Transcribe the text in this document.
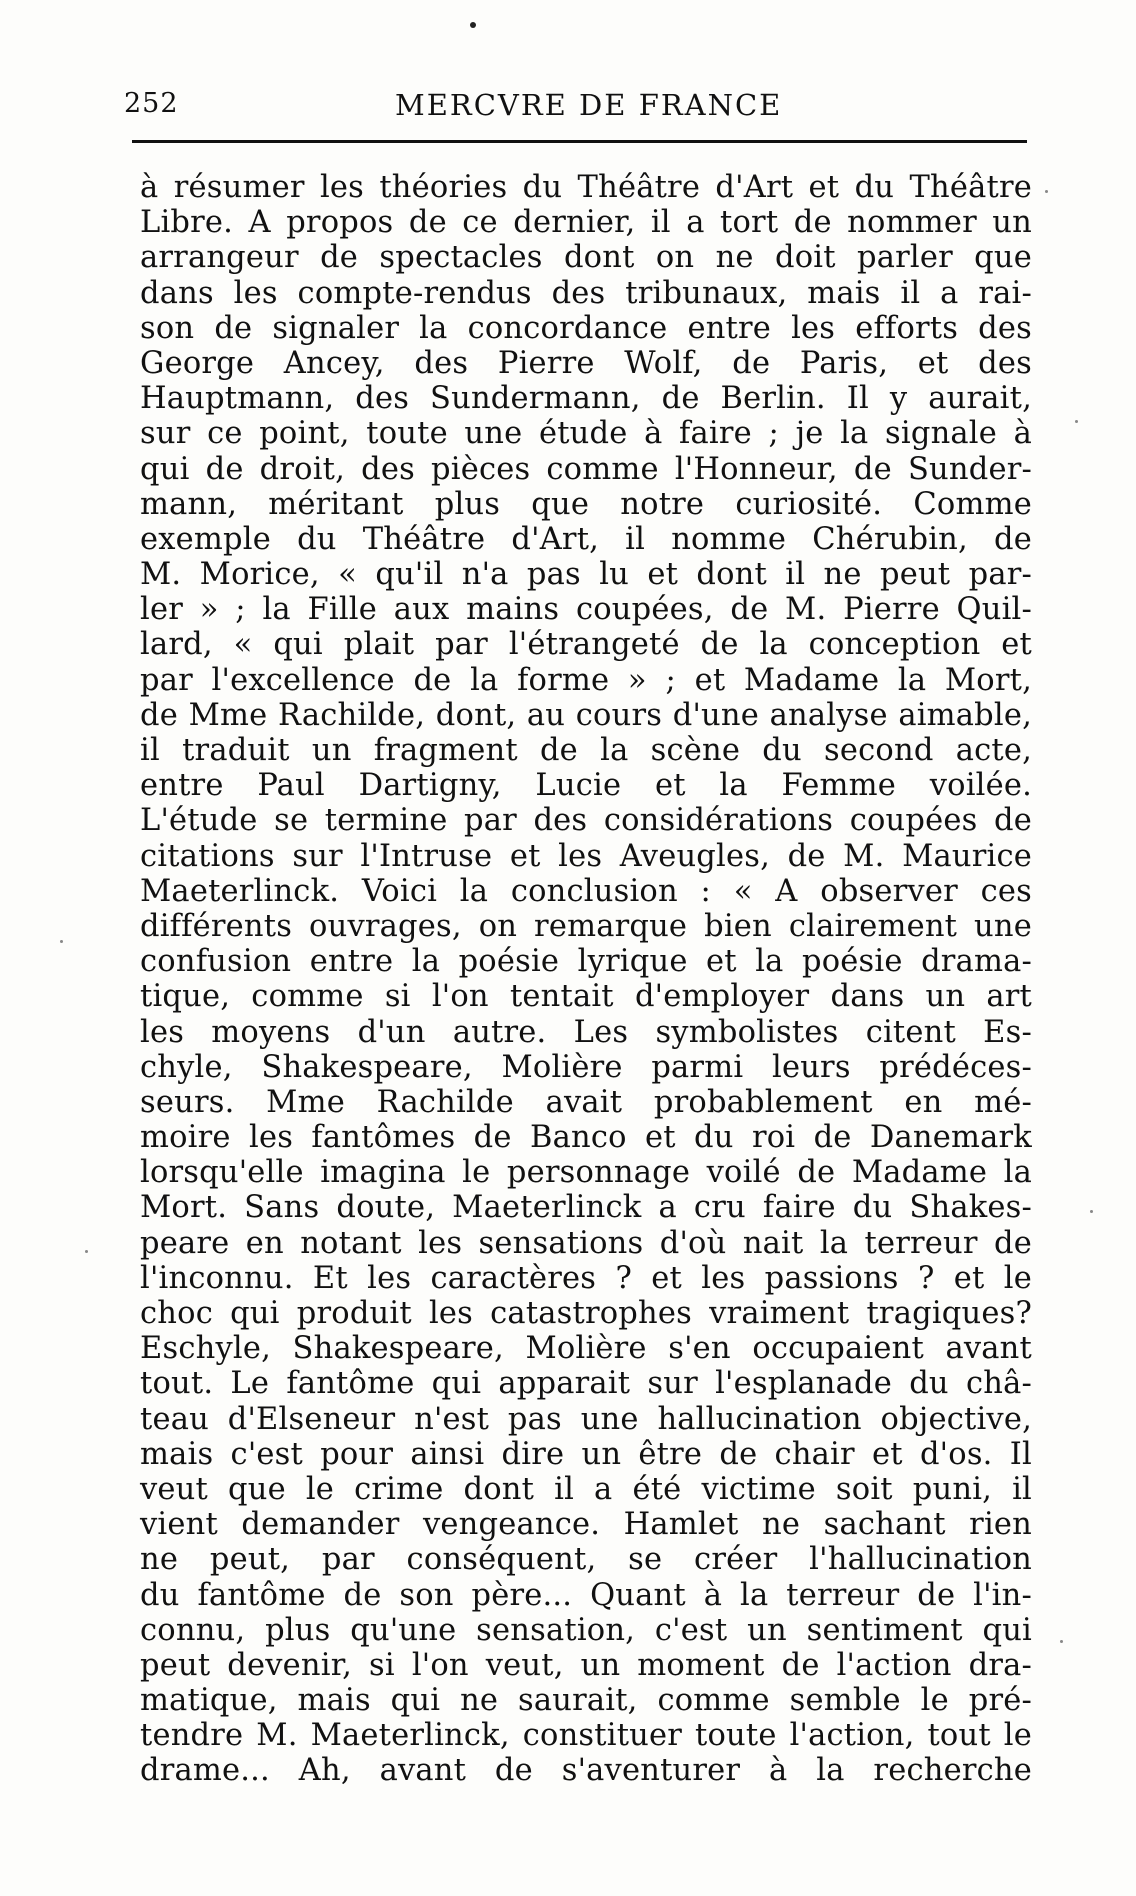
252	MERCVRE DE FRANCE
à résumer les théories du Théâtre d'Art et du Théâtre
Libre. A propos de ce dernier, il a tort de nommer un
arrangeur de spectacles dont on ne doit parler que
dans les compte-rendus des tribunaux, mais il a rai-
son de signaler la concordance entre les efforts des
George Ancey, des Pierre Wolf, de Paris, et des
Hauptmann, des Sundermann, de Berlin. Il y aurait,
sur ce point, toute une étude à faire ; je la signale à
qui de droit, des pièces comme l'Honneur, de Sunder-
mann, méritant plus que notre curiosité. Comme
exemple du Théâtre d'Art, il nomme Chérubin, de
M. Morice, « qu'il n'a pas lu et dont il ne peut par-
ler » ; la Fille aux mains coupées, de M. Pierre Quil-
lard, « qui plait par l'étrangeté de la conception et
par l'excellence de la forme » ; et Madame la Mort,
de Mme Rachilde, dont, au cours d'une analyse aimable,
il traduit un fragment de la scène du second acte,
entre Paul Dartigny, Lucie et la Femme voilée.
L'étude se termine par des considérations coupées de
citations sur l'Intruse et les Aveugles, de M. Maurice
Maeterlinck. Voici la conclusion : « A observer ces
différents ouvrages, on remarque bien clairement une
confusion entre la poésie lyrique et la poésie drama-
tique, comme si l'on tentait d'employer dans un art
les moyens d'un autre. Les symbolistes citent Es-
chyle, Shakespeare, Molière parmi leurs prédéces-
seurs. Mme Rachilde avait probablement en mé-
moire les fantômes de Banco et du roi de Danemark
lorsqu'elle imagina le personnage voilé de Madame la
Mort. Sans doute, Maeterlinck a cru faire du Shakes-
peare en notant les sensations d'où nait la terreur de
l'inconnu. Et les caractères ? et les passions ? et le
choc qui produit les catastrophes vraiment tragiques?
Eschyle, Shakespeare, Molière s'en occupaient avant
tout. Le fantôme qui apparait sur l'esplanade du châ-
teau d'Elseneur n'est pas une hallucination objective,
mais c'est pour ainsi dire un être de chair et d'os. Il
veut que le crime dont il a été victime soit puni, il
vient demander vengeance. Hamlet ne sachant rien
ne peut, par conséquent, se créer l'hallucination
du fantôme de son père... Quant à la terreur de l'in-
connu, plus qu'une sensation, c'est un sentiment qui
peut devenir, si l'on veut, un moment de l'action dra-
matique, mais qui ne saurait, comme semble le pré-
tendre M. Maeterlinck, constituer toute l'action, tout le
drame... Ah, avant de s'aventurer à la recherche
